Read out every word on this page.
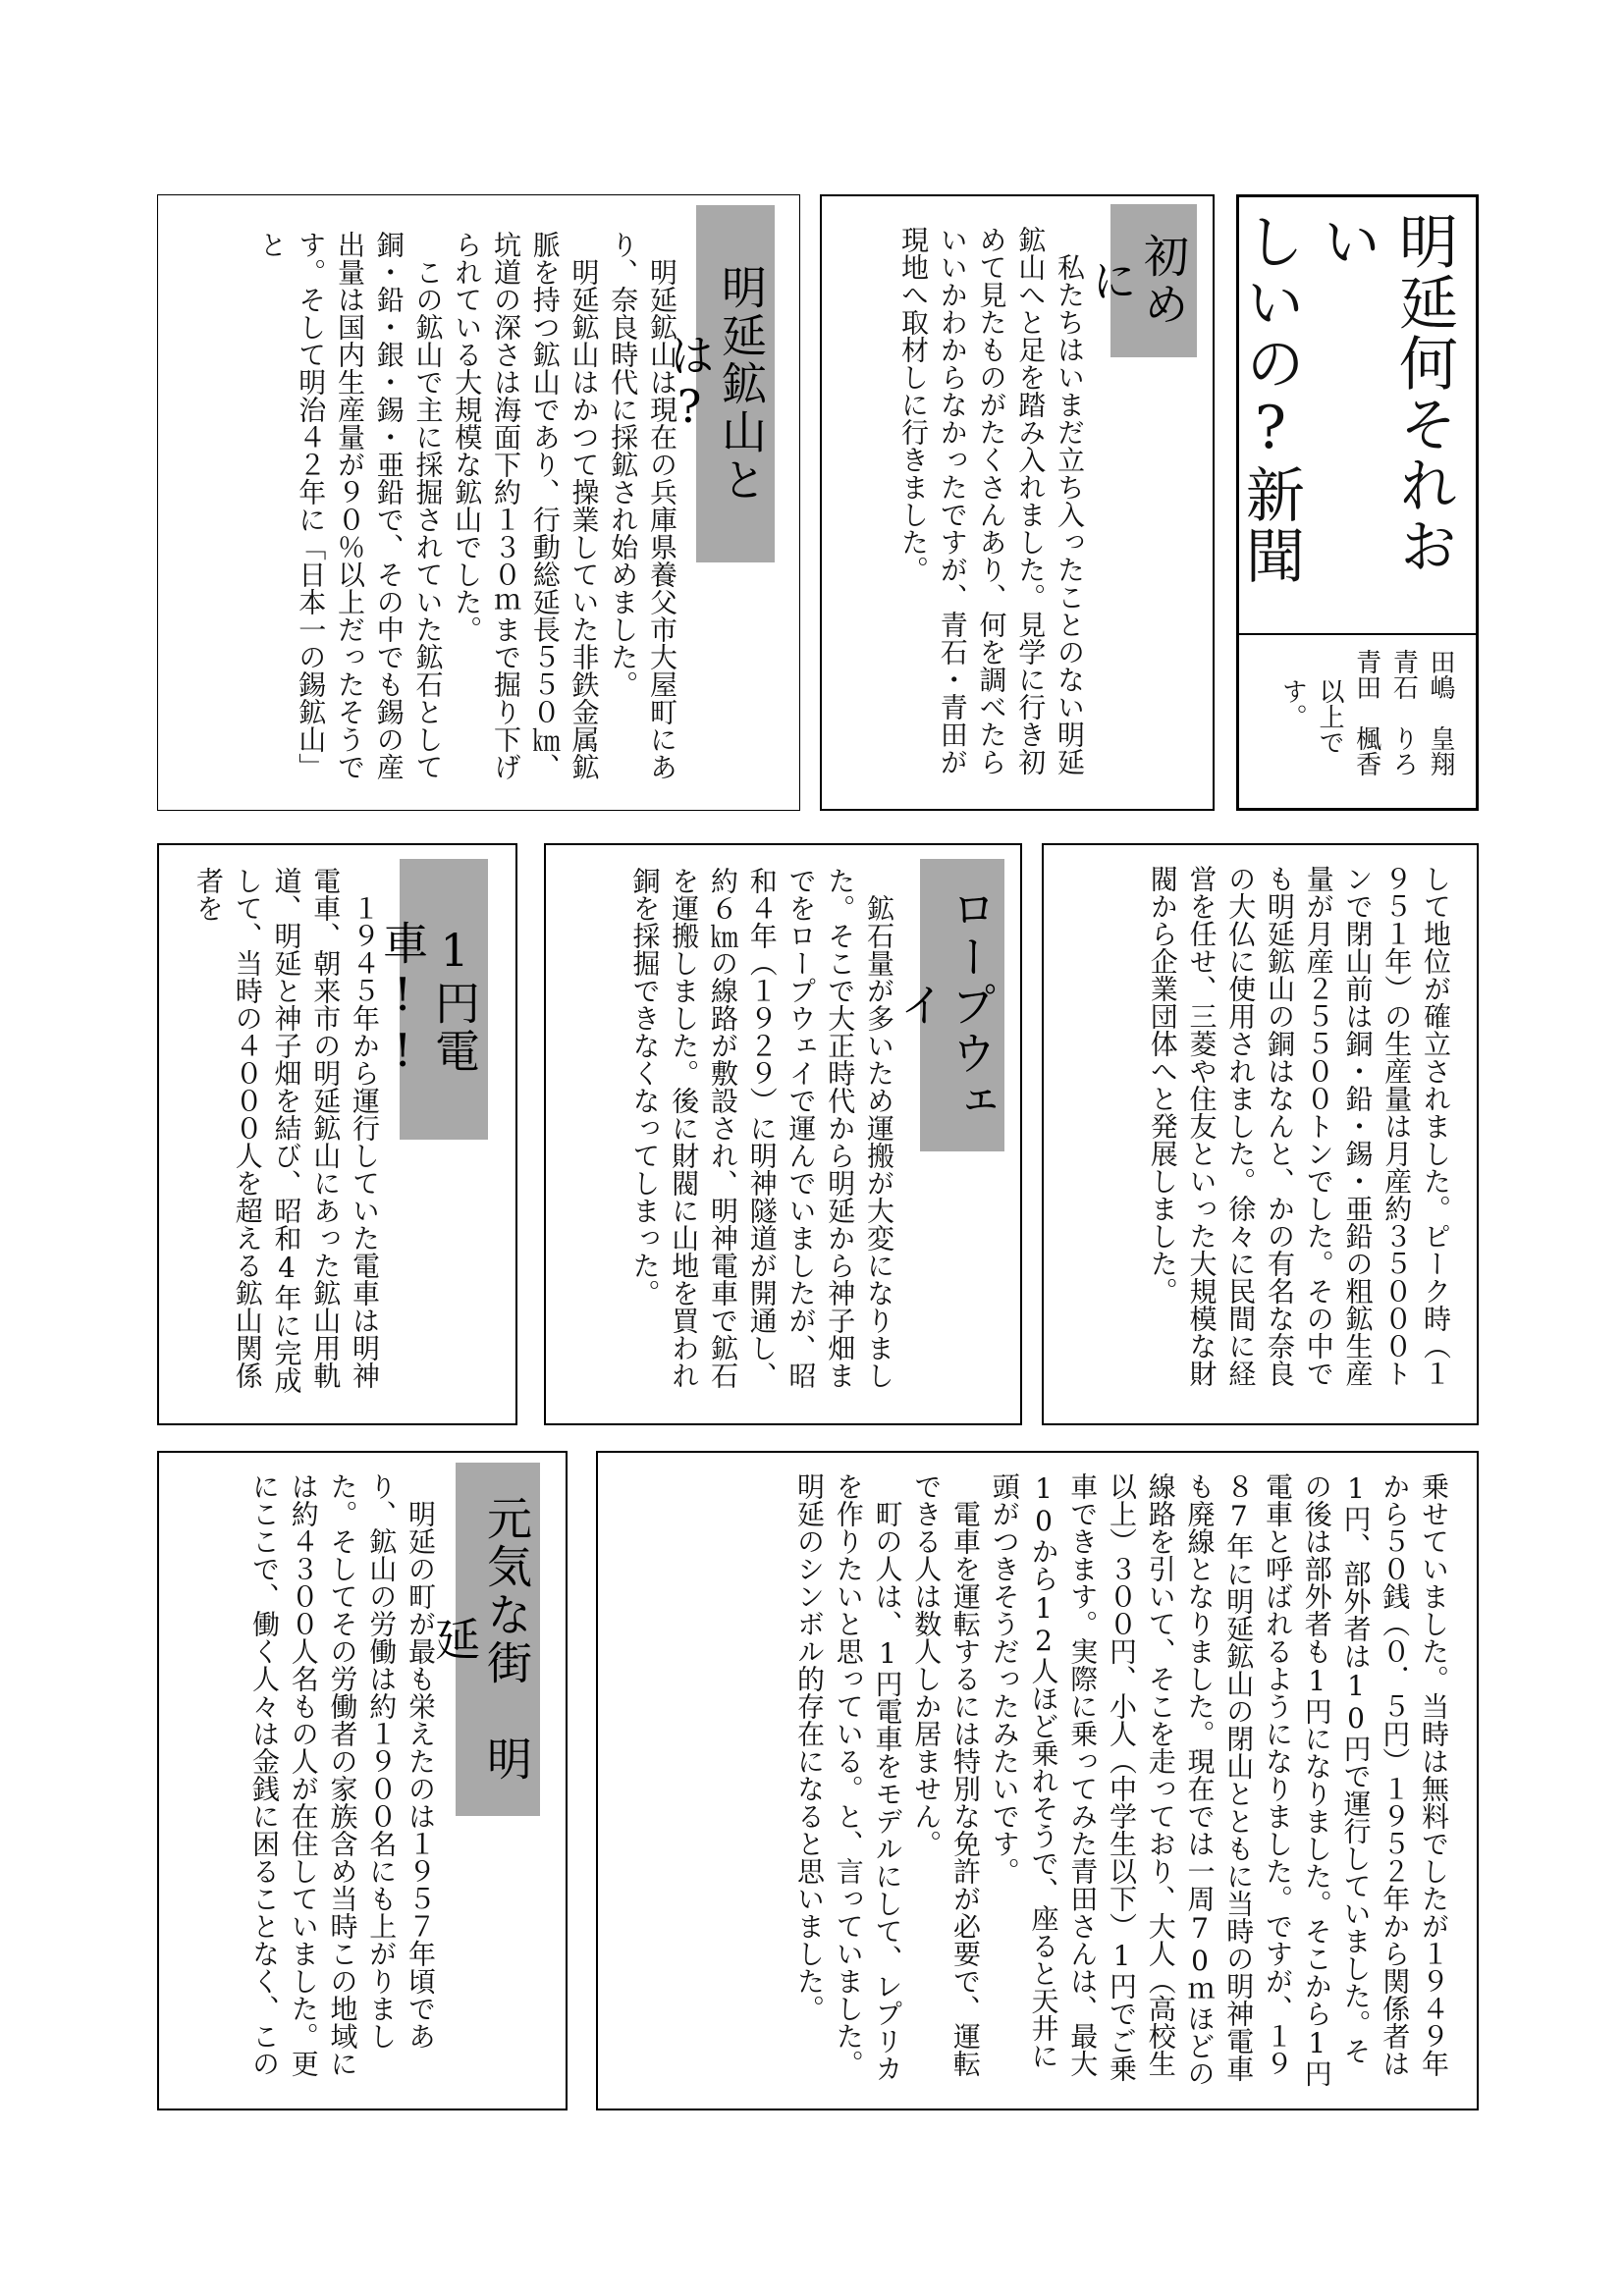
明延何それおい
しいの?新聞
田嶋　皇翔
青石　りろ
青田　楓香
以上です。
初めに
私たちはいまだ立ち入ったことのない明延鉱山へと足を踏み入れました。見学に行き初めて見たものがたくさんあり、何を調べたらいいかわからなかったですが、青石・青田が現地へ取材しに行きました。
明延鉱山とは?
明延鉱山は現在の兵庫県養父市大屋町にあり、奈良時代に採鉱され始めました。
明延鉱山はかつて操業していた非鉄金属鉱脈を持つ鉱山であり、行動総延長５５０㎞、坑道の深さは海面下約１３０ｍまで掘り下げられている大規模な鉱山でした。
この鉱山で主に採掘されていた鉱石として銅・鉛・銀・錫・亜鉛で、その中でも錫の産出量は国内生産量が９０％以上だったそうです。そして明治４２年に「日本一の錫鉱山」と
して地位が確立されました。ピーク時（１９５１年）の生産量は月産約３５０００トンで閉山前は銅・鉛・錫・亜鉛の粗鉱生産量が月産２５５００トンでした。その中でも明延鉱山の銅はなんと、かの有名な奈良の大仏に使用されました。徐々に民間に経営を任せ、三菱や住友といった大規模な財閥から企業団体へと発展しました。
ロープウェイ
鉱石量が多いため運搬が大変になりました。そこで大正時代から明延から神子畑までをロープウェイで運んでいましたが、昭和４年（１９２９）に明神隧道が開通し、約６㎞の線路が敷設され、明神電車で鉱石を運搬しました。後に財閥に山地を買われ銅を採掘できなくなってしまった。
1円電車!!
１９４５年から運行していた電車は明神電車、朝来市の明延鉱山にあった鉱山用軌道、明延と神子畑を結び、昭和4年に完成して、当時の４０００人を超える鉱山関係者を
乗せていました。当時は無料でしたが１９４９年から５０銭（０．５円）１９５２年から関係者は1円、部外者は10円で運行していました。その後は部外者も1円になりました。そこから1円電車と呼ばれるようになりました。ですが、１９８7年に明延鉱山の閉山とともに当時の明神電車も廃線となりました。現在では一周70ｍほどの線路を引いて、そこを走っており、大人（高校生以上）３００円、小人（中学生以下）1円でご乗車できます。実際に乗ってみた青田さんは、最大10から12人ほど乗れそうで、座ると天井に頭がつきそうだったみたいです。
電車を運転するには特別な免許が必要で、運転できる人は数人しか居ません。
町の人は、1円電車をモデルにして、レプリカを作りたいと思っている。と、言っていました。明延のシンボル的存在になると思いました。
元気な街　明延
明延の町が最も栄えたのは１９５７年頃であり、鉱山の労働は約１９００名にも上がりました。そしてその労働者の家族含め当時この地域には約４３００人名もの人が在住していました。更にここで、働く人々は金銭に困ることなく、この
